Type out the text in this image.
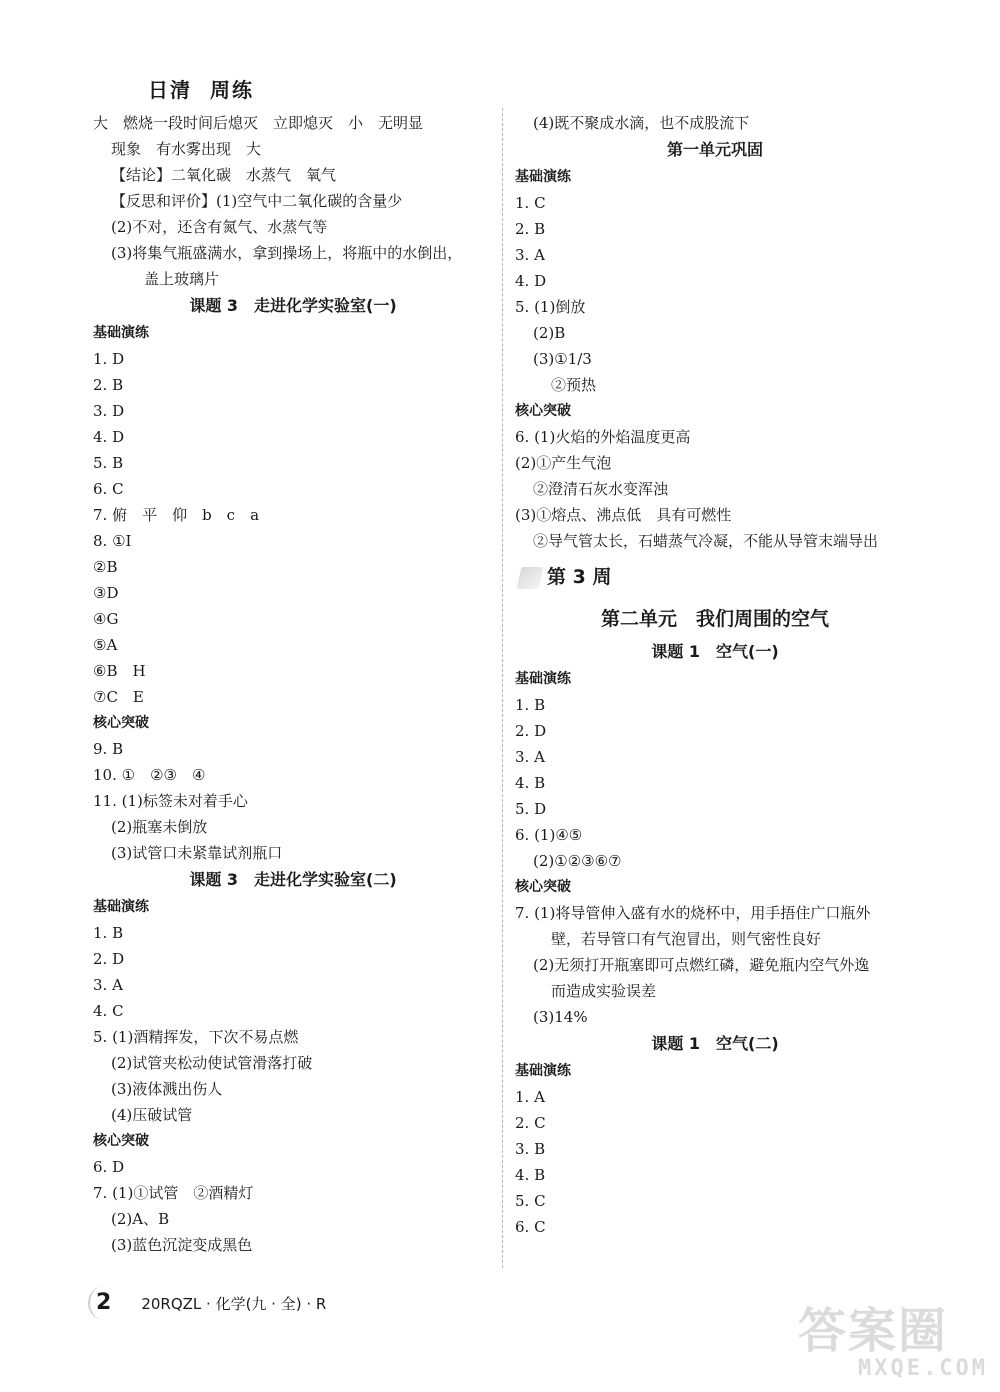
日清 周练
大　燃烧一段时间后熄灭　立即熄灭　小　无明显
现象　有水雾出现　大
【结论】二氧化碳　水蒸气　氧气
【反思和评价】(1)空气中二氧化碳的含量少
(2)不对，还含有氮气、水蒸气等
(3)将集气瓶盛满水，拿到操场上，将瓶中的水倒出，
　盖上玻璃片
课题 3　走进化学实验室(一)
基础演练
1. D
2. B
3. D
4. D
5. B
6. C
7. 俯　平　仰　b　c　a
8. ①I
②B
③D
④G
⑤A
⑥B　H
⑦C　E
核心突破
9. B
10. ①　②③　④
11. (1)标签未对着手心
(2)瓶塞未倒放
(3)试管口未紧靠试剂瓶口
课题 3　走进化学实验室(二)
基础演练
1. B
2. D
3. A
4. C
5. (1)酒精挥发，下次不易点燃
(2)试管夹松动使试管滑落打破
(3)液体溅出伤人
(4)压破试管
核心突破
6. D
7. (1)①试管　②酒精灯
(2)A、B
(3)蓝色沉淀变成黑色
(4)既不聚成水滴，也不成股流下
第一单元巩固
基础演练
1. C
2. B
3. A
4. D
5. (1)倒放
(2)B
(3)①1/3
②预热
核心突破
6. (1)火焰的外焰温度更高
(2)①产生气泡
②澄清石灰水变浑浊
(3)①熔点、沸点低　具有可燃性
②导气管太长，石蜡蒸气冷凝，不能从导管末端导出
第 3 周
第二单元　我们周围的空气
课题 1　空气(一)
基础演练
1. B
2. D
3. A
4. B
5. D
6. (1)④⑤
(2)①②③⑥⑦
核心突破
7. (1)将导管伸入盛有水的烧杯中，用手捂住广口瓶外
壁，若导管口有气泡冒出，则气密性良好
(2)无须打开瓶塞即可点燃红磷，避免瓶内空气外逸
而造成实验误差
(3)14%
课题 1　空气(二)
基础演练
1. A
2. C
3. B
4. B
5. C
6. C
2 20RQZL · 化学(九 · 全) · R	答案圈
MXQE.COM
